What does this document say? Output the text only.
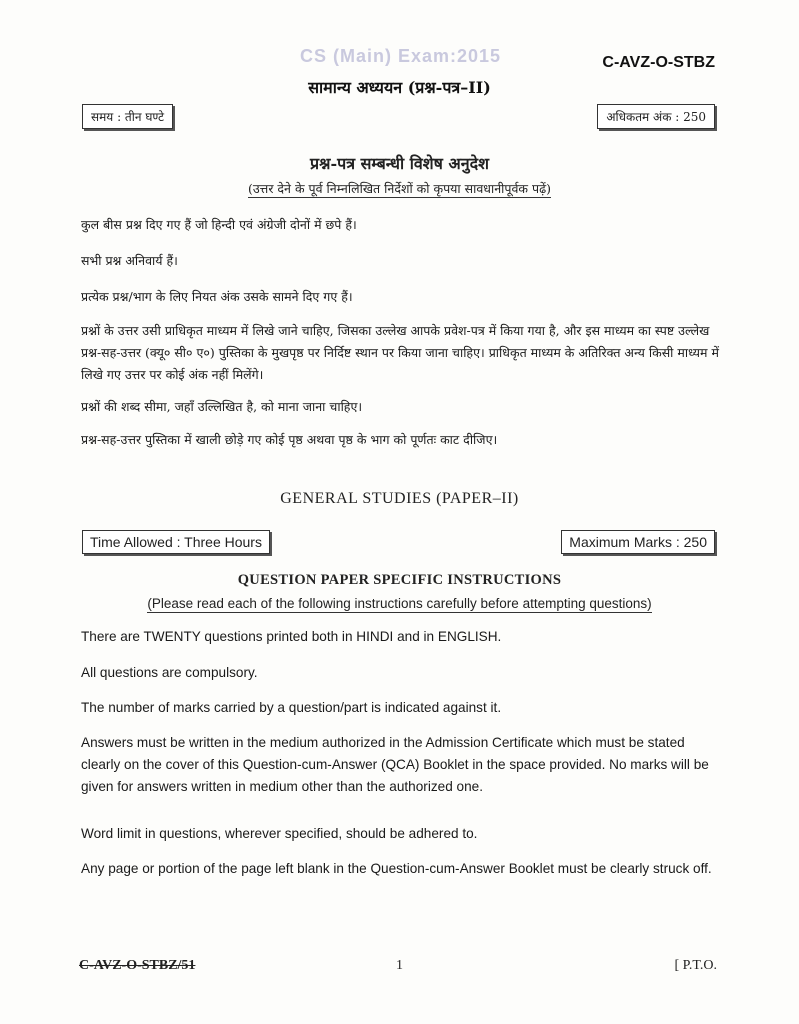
CS (Main) Exam:2015	C-AVZ-O-STBZ
सामान्य अध्ययन (प्रश्न-पत्र–II)
समय : तीन घण्टे	अधिकतम अंक : 250
प्रश्न-पत्र सम्बन्धी विशेष अनुदेश
(उत्तर देने के पूर्व निम्नलिखित निर्देशों को कृपया सावधानीपूर्वक पढ़ें)

कुल बीस प्रश्न दिए गए हैं जो हिन्दी एवं अंग्रेजी दोनों में छपे हैं।

सभी प्रश्न अनिवार्य हैं।

प्रत्येक प्रश्न/भाग के लिए नियत अंक उसके सामने दिए गए हैं।

प्रश्नों के उत्तर उसी प्राधिकृत माध्यम में लिखे जाने चाहिए, जिसका उल्लेख आपके प्रवेश-पत्र में किया गया है, और इस माध्यम का स्पष्ट उल्लेख प्रश्न-सह-उत्तर (क्यू० सी० ए०) पुस्तिका के मुखपृष्ठ पर निर्दिष्ट स्थान पर किया जाना चाहिए। प्राधिकृत माध्यम के अतिरिक्त अन्य किसी माध्यम में लिखे गए उत्तर पर कोई अंक नहीं मिलेंगे।

प्रश्नों की शब्द सीमा, जहाँ उल्लिखित है, को माना जाना चाहिए।

प्रश्न-सह-उत्तर पुस्तिका में खाली छोड़े गए कोई पृष्ठ अथवा पृष्ठ के भाग को पूर्णतः काट दीजिए।

GENERAL STUDIES (PAPER–II)
Time Allowed : Three Hours	Maximum Marks : 250
QUESTION PAPER SPECIFIC INSTRUCTIONS
(Please read each of the following instructions carefully before attempting questions)

There are TWENTY questions printed both in HINDI and in ENGLISH.

All questions are compulsory.

The number of marks carried by a question/part is indicated against it.

Answers must be written in the medium authorized in the Admission Certificate which must be stated clearly on the cover of this Question-cum-Answer (QCA) Booklet in the space provided. No marks will be given for answers written in medium other than the authorized one.

Word limit in questions, wherever specified, should be adhered to.

Any page or portion of the page left blank in the Question-cum-Answer Booklet must be clearly struck off.

C-AVZ-O-STBZ/51	1	[ P.T.O.
